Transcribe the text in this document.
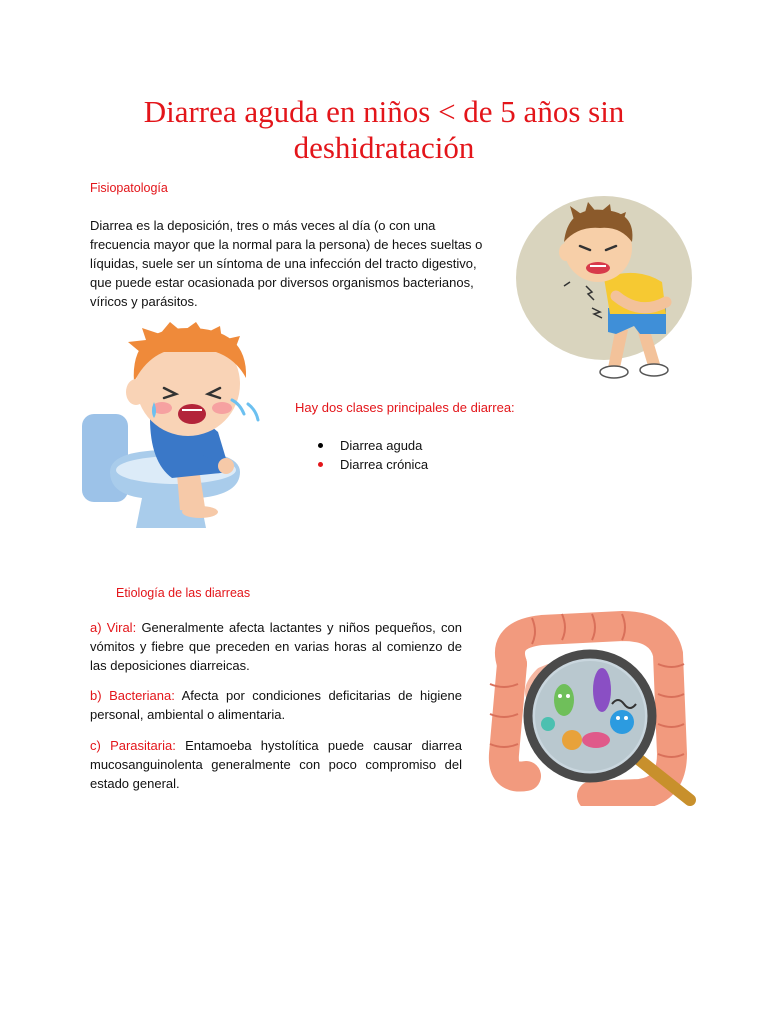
Diarrea aguda en niños < de 5 años sin
deshidratación
Fisiopatología
Diarrea es la deposición, tres o más veces al día (o con una
frecuencia mayor que la normal para la persona) de heces sueltas o
líquidas, suele ser un síntoma de una infección del tracto digestivo,
que puede estar ocasionada por diversos organismos bacterianos,
víricos y parásitos.

Hay dos clases principales de diarrea:

Diarrea aguda
Diarrea crónica
Etiología de las diarreas

a) Viral: Generalmente afecta lactantes y niños pequeños, con vómitos y fiebre que preceden en varias horas al comienzo de las deposiciones diarreicas.

b) Bacteriana: Afecta por condiciones deficitarias de higiene personal, ambiental o alimentaria.

c) Parasitaria: Entamoeba hystolítica puede causar diarrea mucosanguinolenta generalmente con poco compromiso del estado general.
